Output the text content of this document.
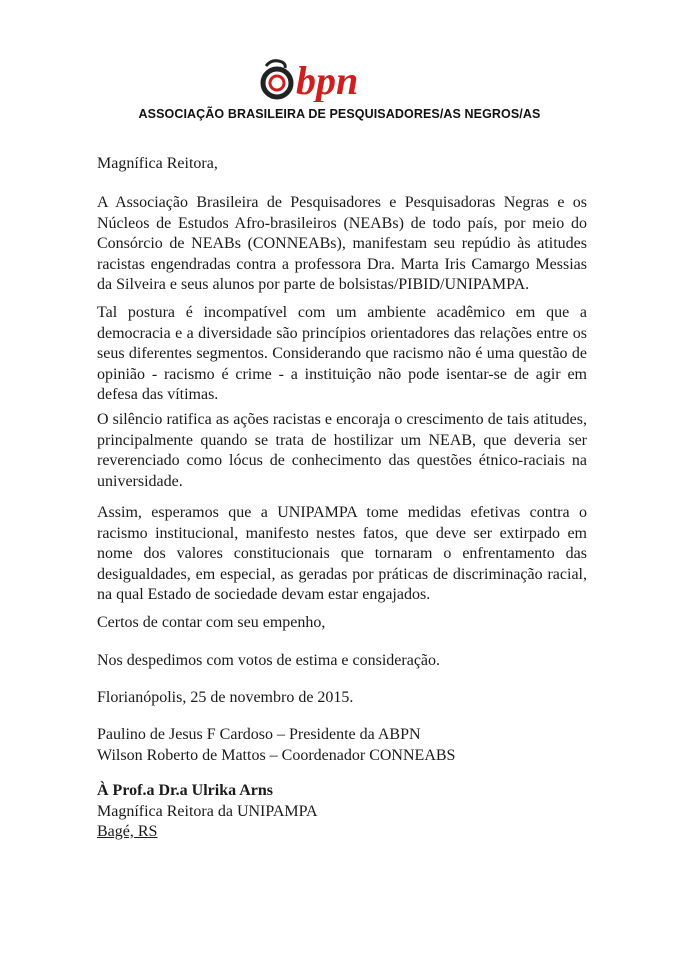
bpn
ASSOCIAÇÃO BRASILEIRA DE PESQUISADORES/AS NEGROS/AS
Magnífica Reitora,
A Associação Brasileira de Pesquisadores e Pesquisadoras Negras e os Núcleos de Estudos Afro-brasileiros (NEABs) de todo país, por meio do Consórcio de NEABs (CONNEABs), manifestam seu repúdio às atitudes racistas engendradas contra a professora Dra. Marta Iris Camargo Messias da Silveira e seus alunos por parte de bolsistas/PIBID/UNIPAMPA.
Tal postura é incompatível com um ambiente acadêmico em que a democracia e a diversidade são princípios orientadores das relações entre os seus diferentes segmentos. Considerando que racismo não é uma questão de opinião - racismo é crime - a instituição não pode isentar-se de agir em defesa das vítimas.
O silêncio ratifica as ações racistas e encoraja o crescimento de tais atitudes, principalmente quando se trata de hostilizar um NEAB, que deveria ser reverenciado como lócus de conhecimento das questões étnico-raciais na universidade.
Assim, esperamos que a UNIPAMPA tome medidas efetivas contra o racismo institucional, manifesto nestes fatos, que deve ser extirpado em nome dos valores constitucionais que tornaram o enfrentamento das desigualdades, em especial, as geradas por práticas de discriminação racial, na qual Estado de sociedade devam estar engajados.
Certos de contar com seu empenho,
Nos despedimos com votos de estima e consideração.
Florianópolis, 25 de novembro de 2015.
Paulino de Jesus F Cardoso – Presidente da ABPN
Wilson Roberto de Mattos – Coordenador CONNEABS
À Prof.a Dr.a Ulrika Arns
Magnífica Reitora da UNIPAMPA
Bagé, RS
